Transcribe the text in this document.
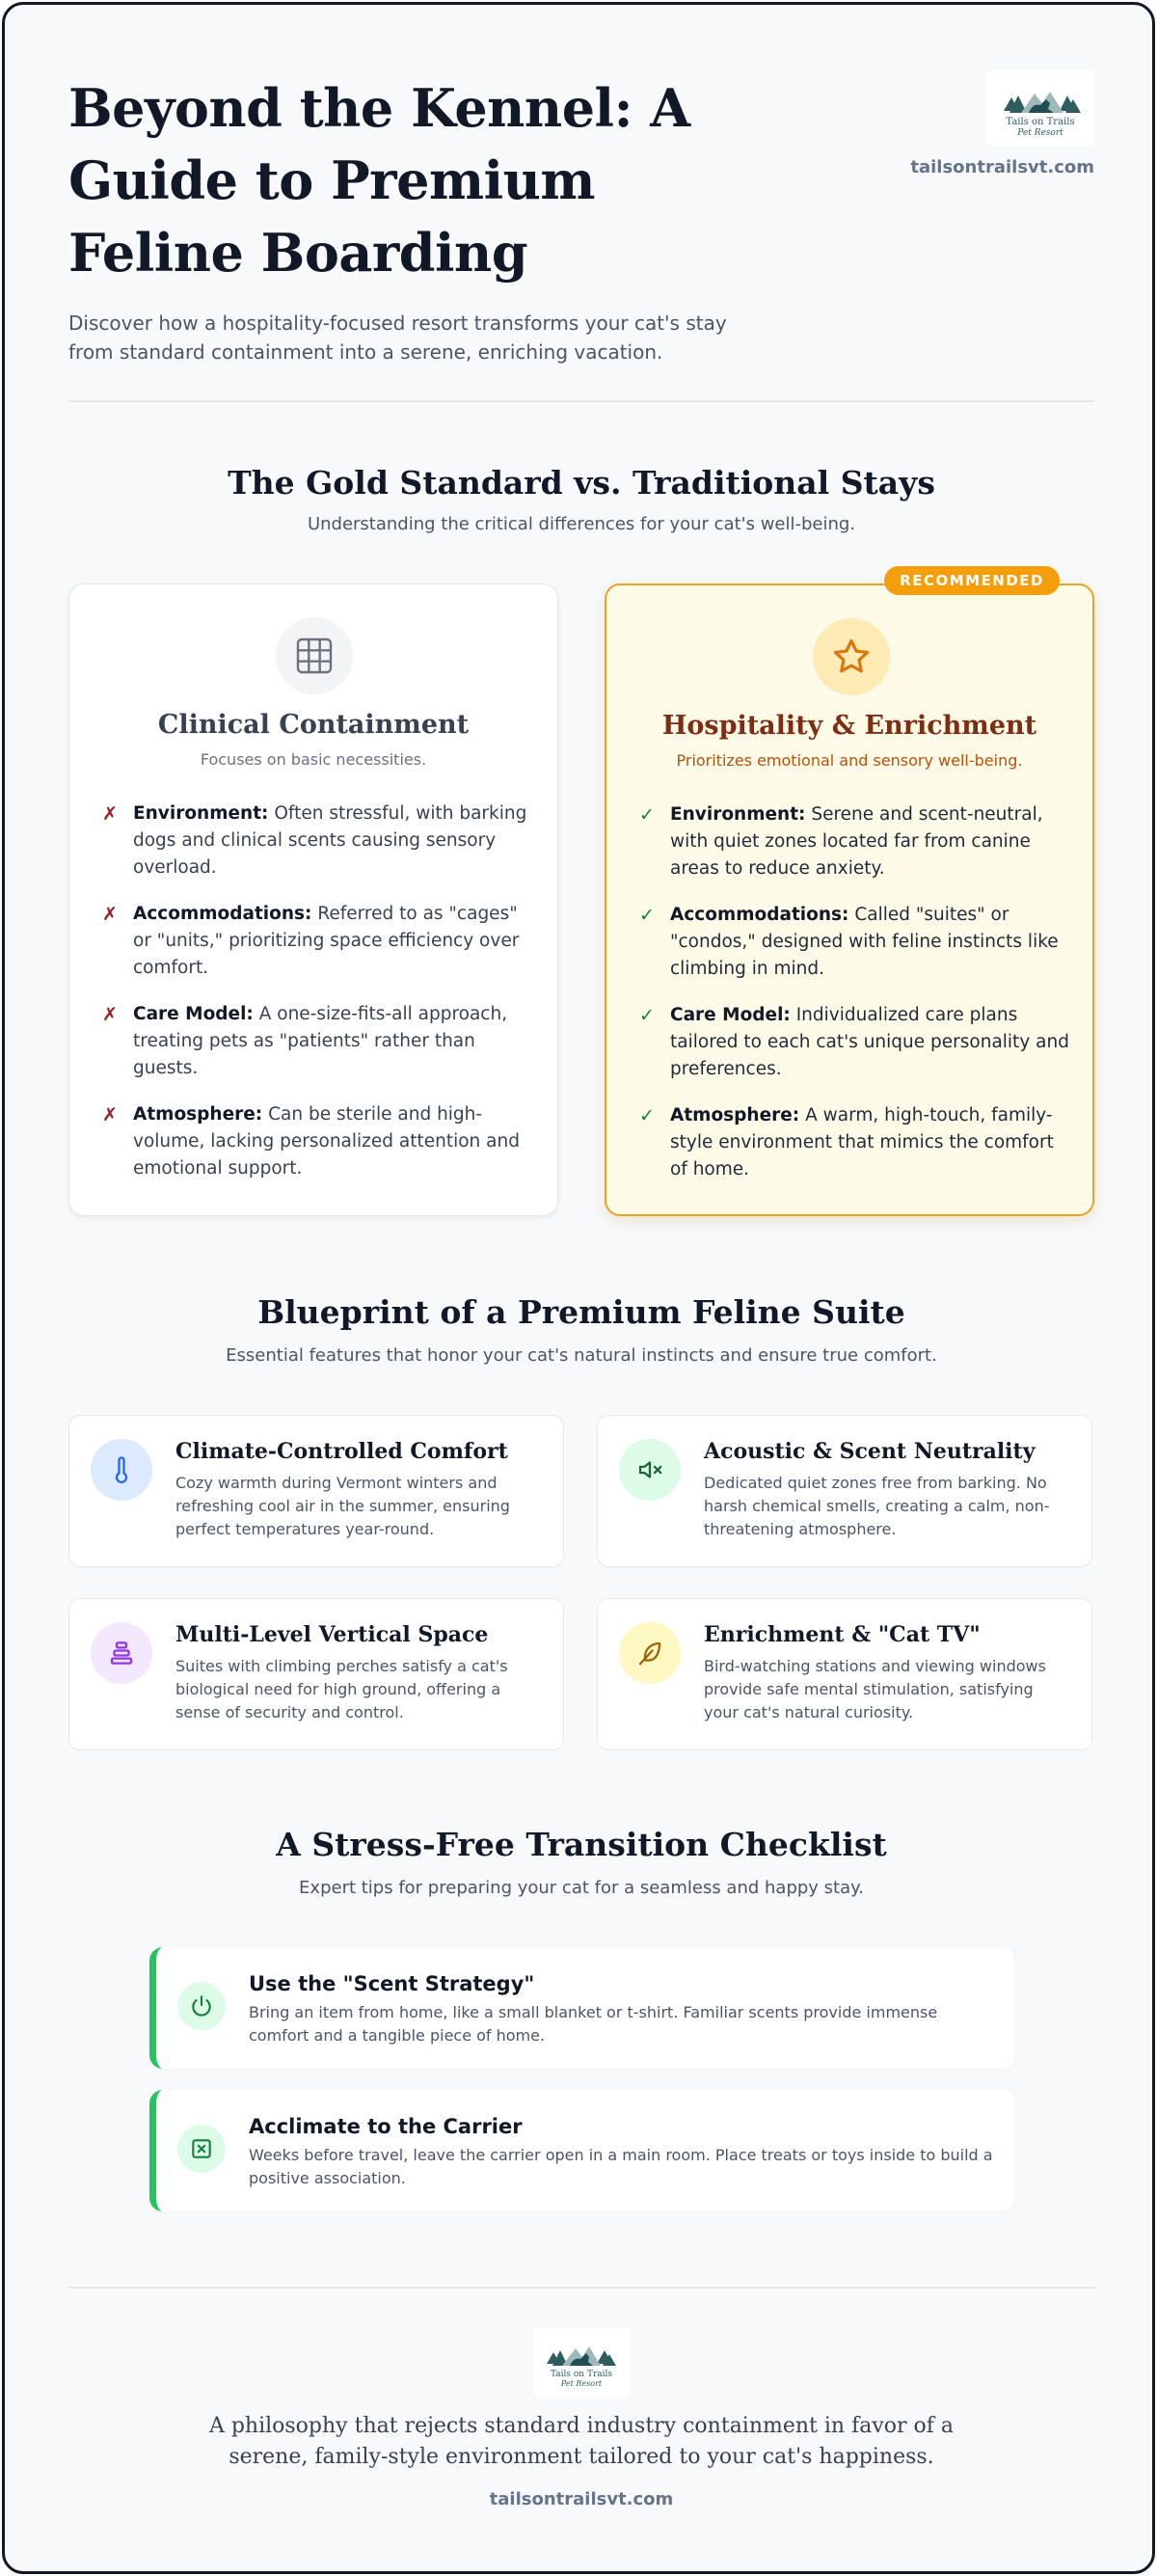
Beyond the Kennel: A Guide to Premium Feline Boarding

Discover how a hospitality-focused resort transforms your cat's stay from standard containment into a serene, enriching vacation.

Tails on Trails
Pet Resort
tailsontrailsvt.com
The Gold Standard vs. Traditional Stays

Understanding the critical differences for your cat's well-being.

Clinical Containment

Focuses on basic necessities.

✗ Environment: Often stressful, with barking dogs and clinical scents causing sensory overload.

✗ Accommodations: Referred to as "cages" or "units," prioritizing space efficiency over comfort.

✗ Care Model: A one-size-fits-all approach, treating pets as "patients" rather than guests.

✗ Atmosphere: Can be sterile and high-volume, lacking personalized attention and emotional support.

RECOMMENDED
Hospitality & Enrichment

Prioritizes emotional and sensory well-being.

✓ Environment: Serene and scent-neutral, with quiet zones located far from canine areas to reduce anxiety.

✓ Accommodations: Called "suites" or "condos," designed with feline instincts like climbing in mind.

✓ Care Model: Individualized care plans tailored to each cat's unique personality and preferences.

✓ Atmosphere: A warm, high-touch, family-style environment that mimics the comfort of home.

Blueprint of a Premium Feline Suite

Essential features that honor your cat's natural instincts and ensure true comfort.

Climate-Controlled Comfort

Cozy warmth during Vermont winters and refreshing cool air in the summer, ensuring perfect temperatures year-round.

Acoustic & Scent Neutrality

Dedicated quiet zones free from barking. No harsh chemical smells, creating a calm, non-threatening atmosphere.

Multi-Level Vertical Space

Suites with climbing perches satisfy a cat's biological need for high ground, offering a sense of security and control.

Enrichment & "Cat TV"

Bird-watching stations and viewing windows provide safe mental stimulation, satisfying your cat's natural curiosity.

A Stress-Free Transition Checklist

Expert tips for preparing your cat for a seamless and happy stay.

Use the "Scent Strategy"

Bring an item from home, like a small blanket or t-shirt. Familiar scents provide immense comfort and a tangible piece of home.

Acclimate to the Carrier

Weeks before travel, leave the carrier open in a main room. Place treats or toys inside to build a positive association.

Tails on Trails
Pet Resort

A philosophy that rejects standard industry containment in favor of a serene, family-style environment tailored to your cat's happiness.

tailsontrailsvt.com
